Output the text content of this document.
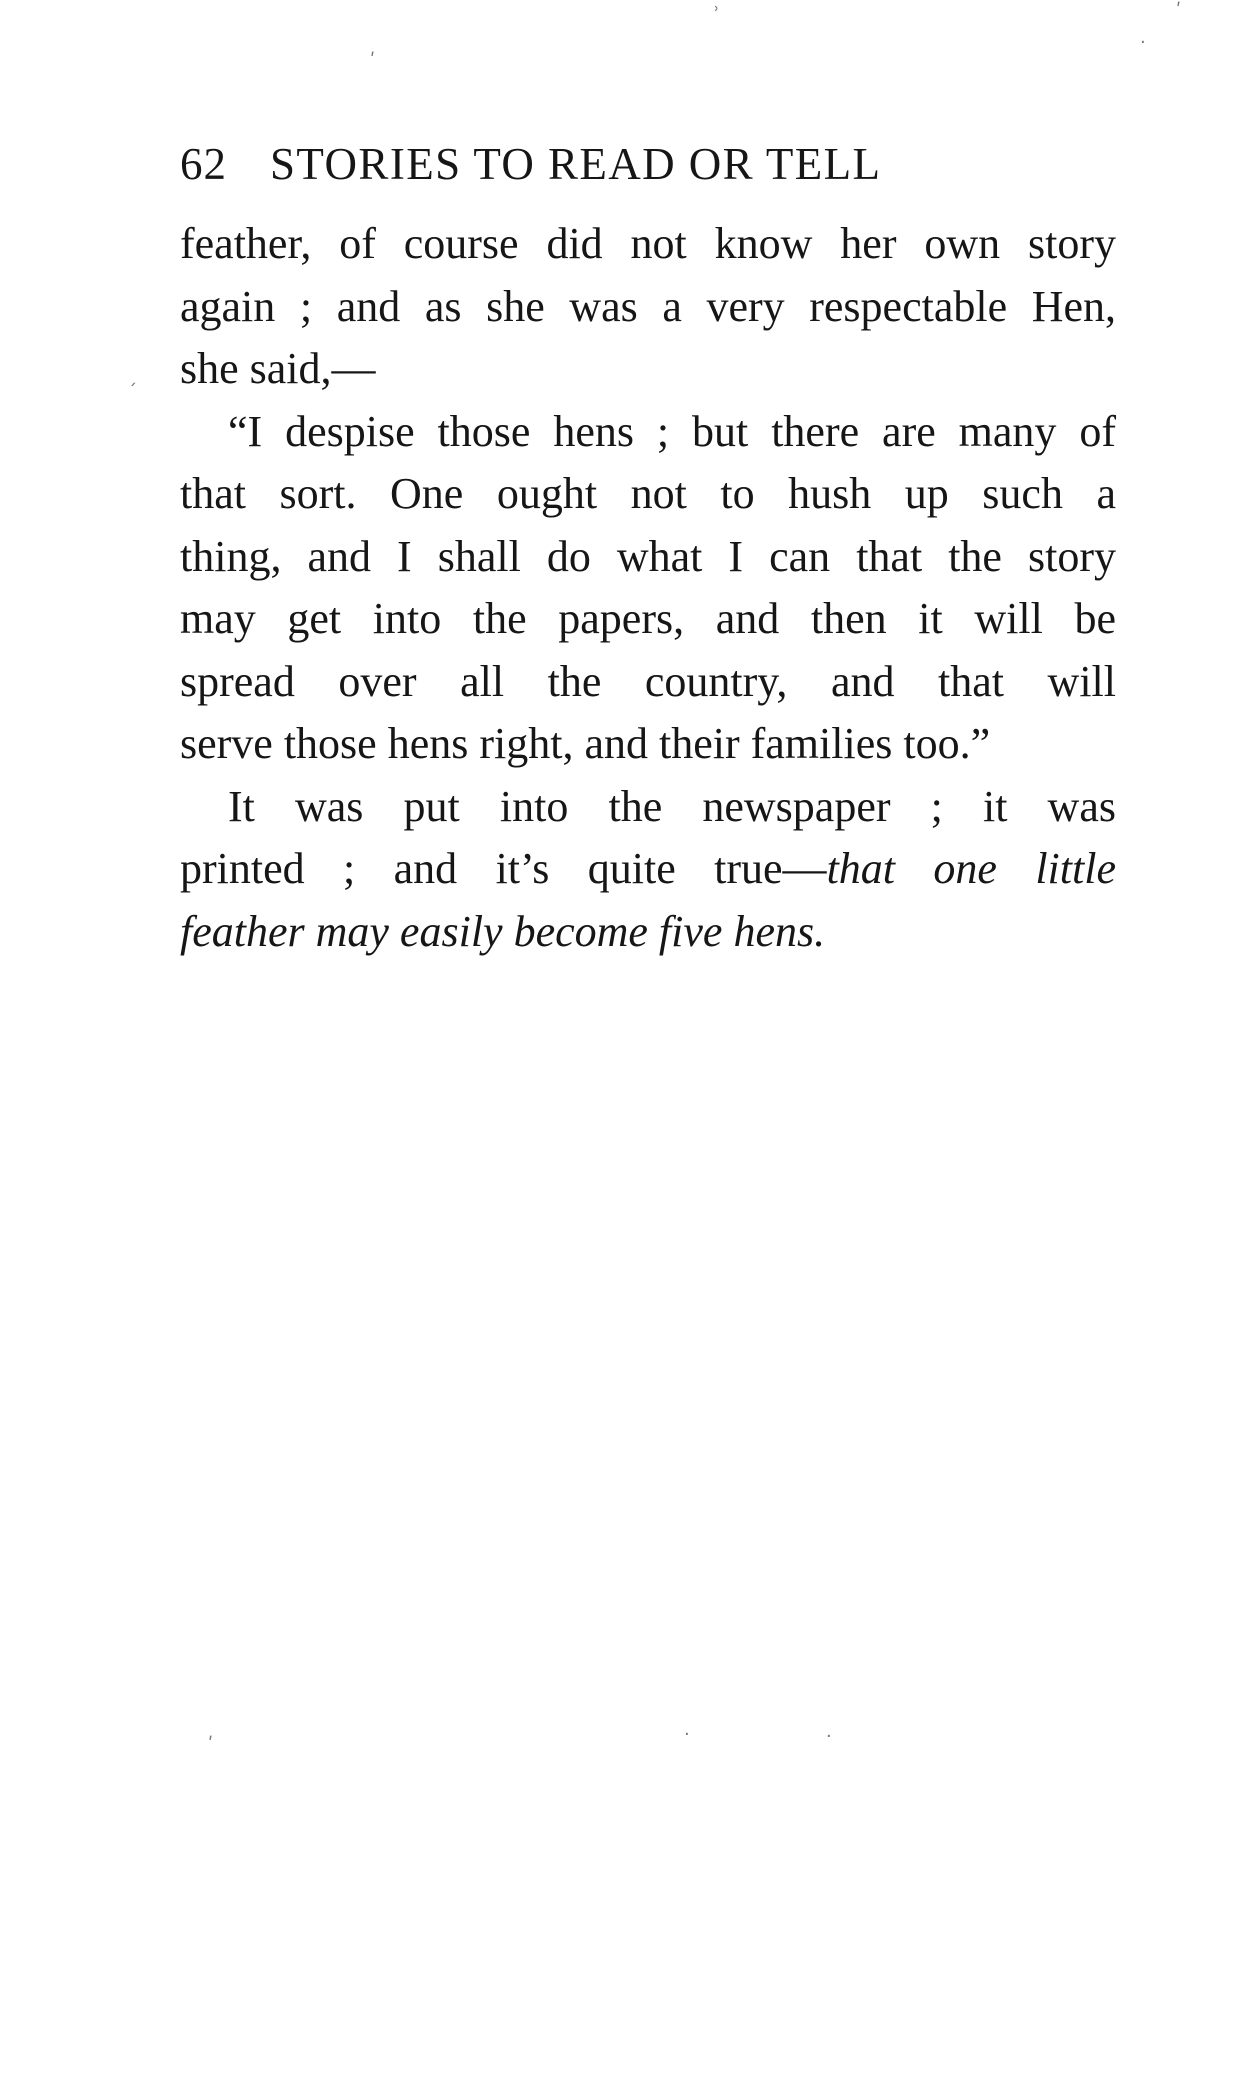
62 STORIES TO READ OR TELL
feather, of course did not know her own story
again ; and as she was a very respectable Hen,
she said,—
“I despise those hens ; but there are many of
that sort. One ought not to hush up such a
thing, and I shall do what I can that the story
may get into the papers, and then it will be
spread over all the country, and that will
serve those hens right, and their families too.”
It was put into the newspaper ; it was
printed ; and it’s quite true—that one little
feather may easily become five hens.
ʹ
ʾ	ʹ
ˏ
ʹ	·	·
·
